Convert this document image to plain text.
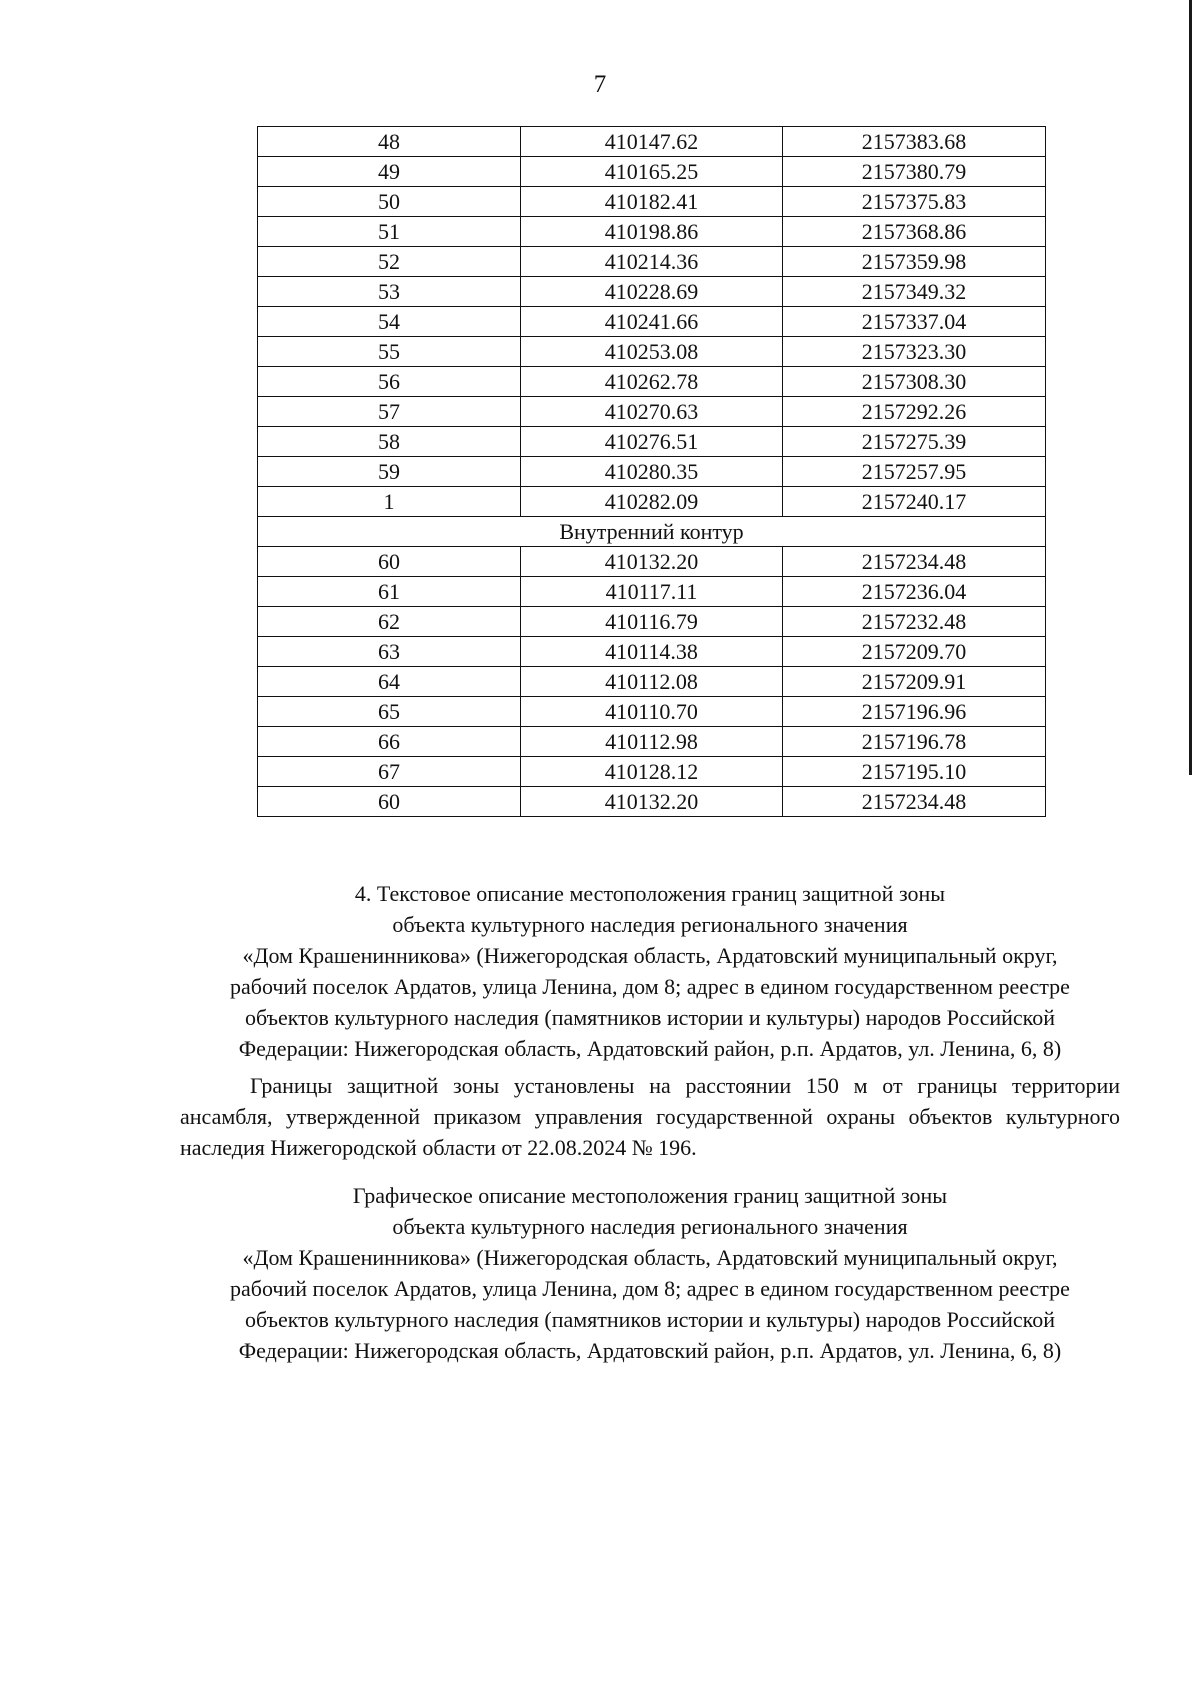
7
48	410147.62	2157383.68
49	410165.25	2157380.79
50	410182.41	2157375.83
51	410198.86	2157368.86
52	410214.36	2157359.98
53	410228.69	2157349.32
54	410241.66	2157337.04
55	410253.08	2157323.30
56	410262.78	2157308.30
57	410270.63	2157292.26
58	410276.51	2157275.39
59	410280.35	2157257.95
1	410282.09	2157240.17
Внутренний контур		
60	410132.20	2157234.48
61	410117.11	2157236.04
62	410116.79	2157232.48
63	410114.38	2157209.70
64	410112.08	2157209.91
65	410110.70	2157196.96
66	410112.98	2157196.78
67	410128.12	2157195.10
60	410132.20	2157234.48

4. Текстовое описание местоположения границ защитной зоны

объекта культурного наследия регионального значения

«Дом Крашенинникова» (Нижегородская область, Ардатовский муниципальный округ,

рабочий поселок Ардатов, улица Ленина, дом 8; адрес в едином государственном реестре

объектов культурного наследия (памятников истории и культуры) народов Российской

Федерации: Нижегородская область, Ардатовский район, р.п. Ардатов, ул. Ленина, 6, 8)

Границы защитной зоны установлены на расстоянии 150 м от границы территории ансамбля, утвержденной приказом управления государственной охраны объектов культурного наследия Нижегородской области от 22.08.2024 № 196.

Графическое описание местоположения границ защитной зоны

объекта культурного наследия регионального значения

«Дом Крашенинникова» (Нижегородская область, Ардатовский муниципальный округ,

рабочий поселок Ардатов, улица Ленина, дом 8; адрес в едином государственном реестре

объектов культурного наследия (памятников истории и культуры) народов Российской

Федерации: Нижегородская область, Ардатовский район, р.п. Ардатов, ул. Ленина, 6, 8)
